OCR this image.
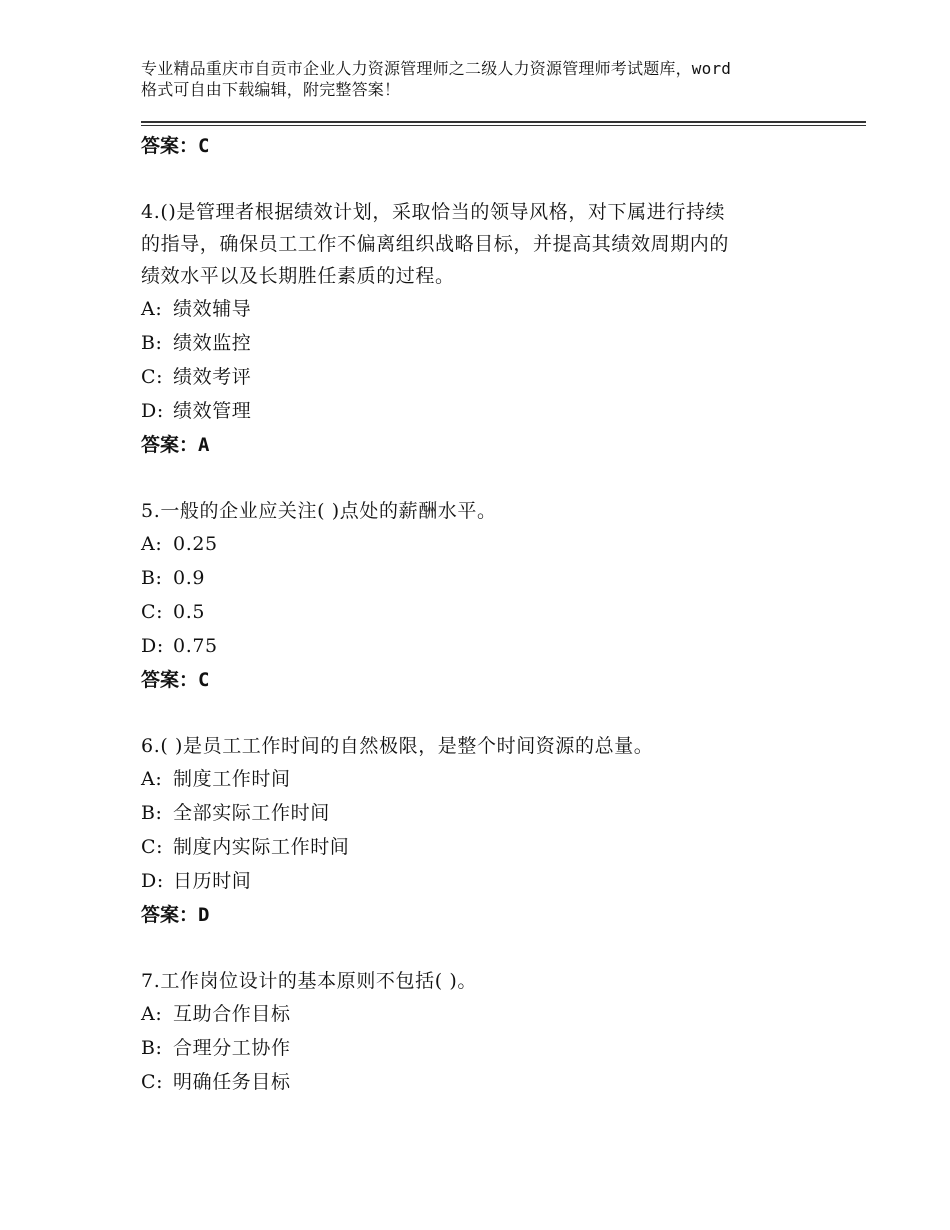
专业精品重庆市自贡市企业人力资源管理师之二级人力资源管理师考试题库，word
格式可自由下载编辑，附完整答案！
答案：C
4.()是管理者根据绩效计划，采取恰当的领导风格，对下属进行持续
的指导，确保员工工作不偏离组织战略目标，并提高其绩效周期内的
绩效水平以及长期胜任素质的过程。
A: 绩效辅导
B: 绩效监控
C: 绩效考评
D: 绩效管理
答案：A
5.一般的企业应关注( )点处的薪酬水平。
A: 0.25
B: 0.9
C: 0.5
D: 0.75
答案：C
6.( )是员工工作时间的自然极限，是整个时间资源的总量。
A: 制度工作时间
B: 全部实际工作时间
C: 制度内实际工作时间
D: 日历时间
答案：D
7.工作岗位设计的基本原则不包括( )。
A: 互助合作目标
B: 合理分工协作
C: 明确任务目标
